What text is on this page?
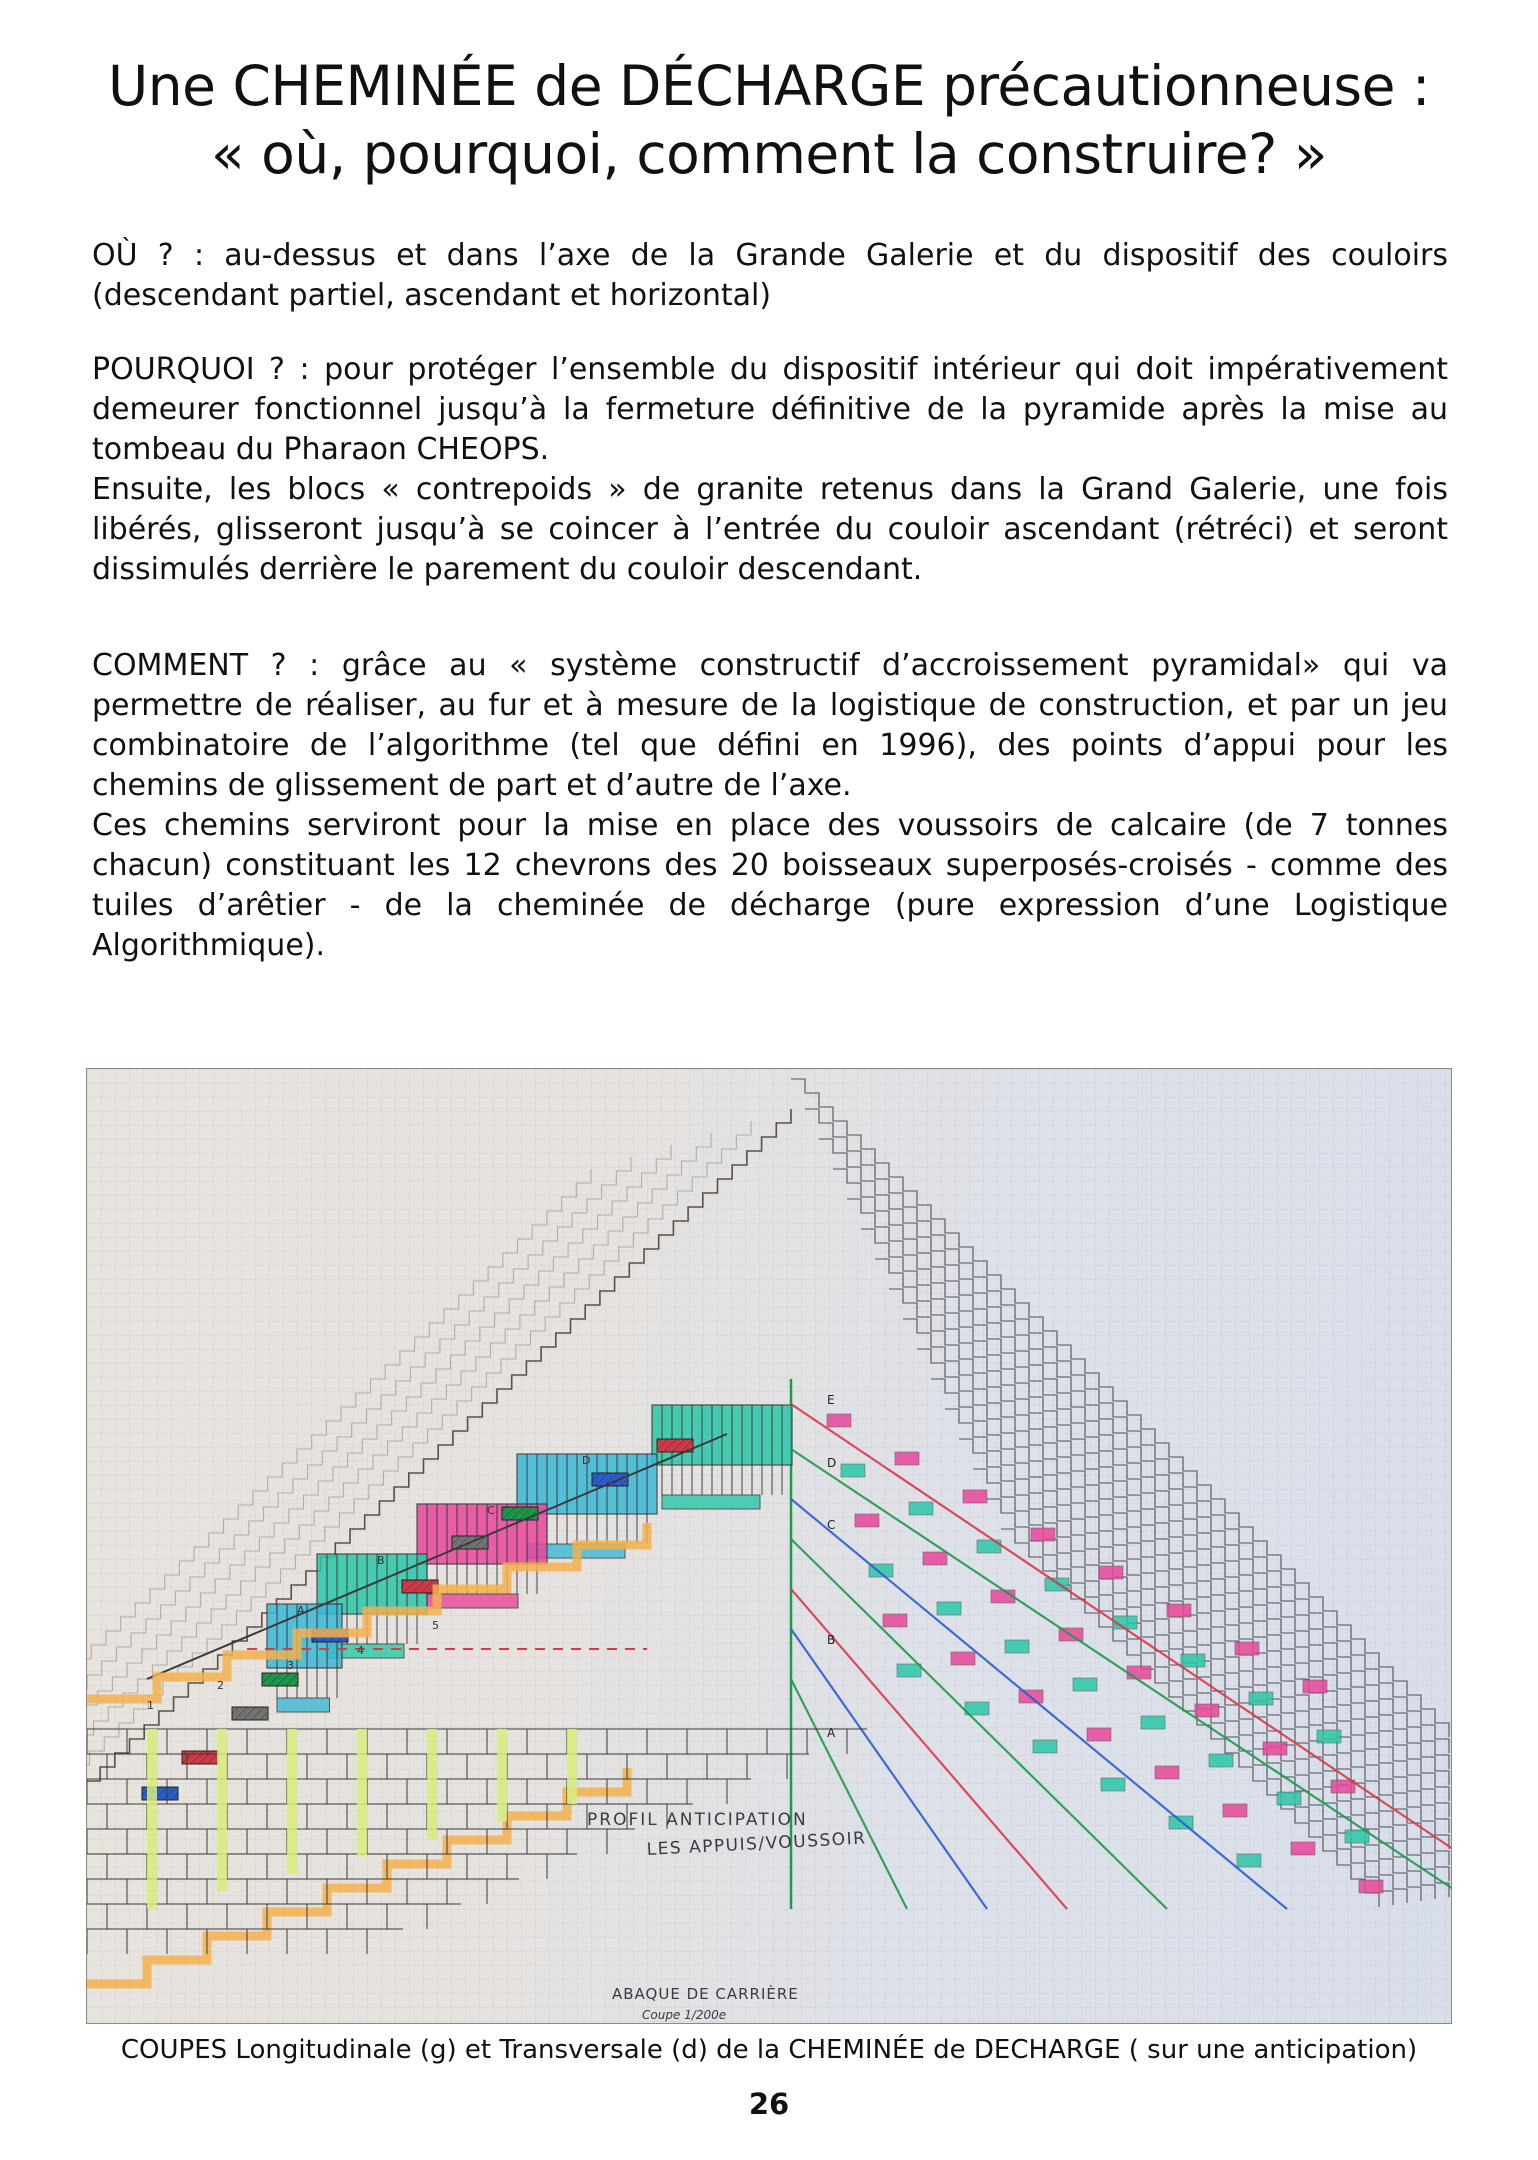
Une CHEMINÉE de DÉCHARGE précautionneuse :
« où, pourquoi, comment la construire? »

OÙ ? : au-dessus et dans l’axe de la Grande Galerie et du dispositif des couloirs (descendant partiel, ascendant et horizontal)

POURQUOI ? : pour protéger l’ensemble du dispositif intérieur qui doit impérativement demeurer fonctionnel jusqu’à la fermeture définitive de la pyramide après la mise au tombeau du Pharaon CHEOPS.

Ensuite, les blocs « contrepoids » de granite retenus dans la Grand Galerie, une fois libérés, glisseront jusqu’à se coincer à l’entrée du couloir ascendant (rétréci) et seront dissimulés derrière le parement du couloir descendant.

COMMENT ? : grâce au « système constructif d’accroissement pyramidal» qui va permettre de réaliser, au fur et à mesure de la logistique de construction, et par un jeu combinatoire de l’algorithme (tel que défini en 1996), des points d’appui pour les chemins de glissement de part et d’autre de l’axe.

Ces chemins serviront pour la mise en place des voussoirs de calcaire (de 7 tonnes chacun) constituant les 12 chevrons des 20 boisseaux superposés-croisés - comme des tuiles d’arêtier - de la cheminée de décharge (pure expression d’une Logistique Algorithmique).

1
2
3
4
5
A
B
C
D
A
B
C
D
E
PROFIL ANTICIPATION
LES APPUIS/VOUSSOIR
ABAQUE DE CARRIÈRE
Coupe 1/200e
COUPES Longitudinale (g) et Transversale (d) de la CHEMINÉE de DECHARGE ( sur une anticipation)
26
